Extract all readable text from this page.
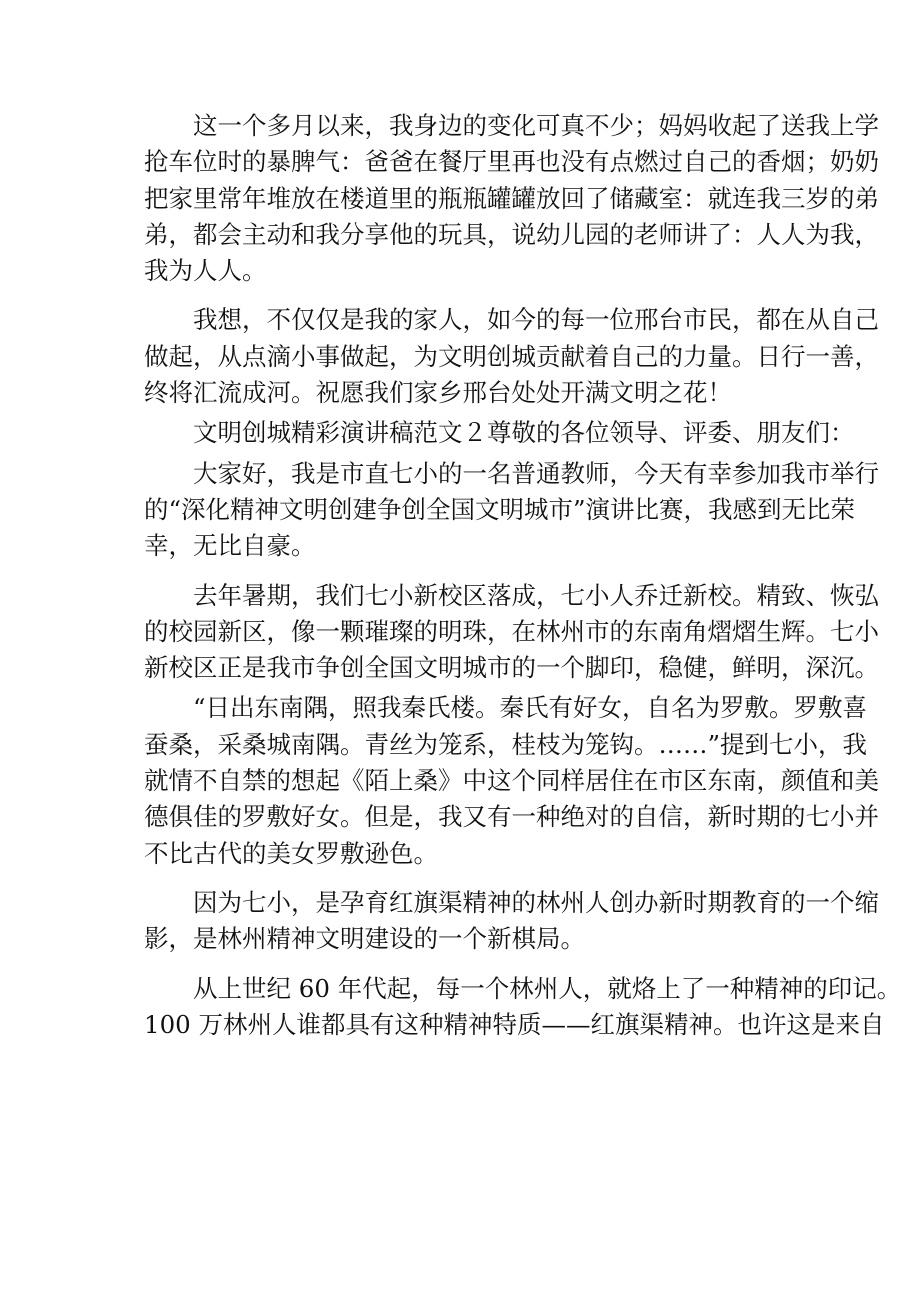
这一个多月以来，我身边的变化可真不少；妈妈收起了送我上学
抢车位时的暴脾气：爸爸在餐厅里再也没有点燃过自己的香烟；奶奶
把家里常年堆放在楼道里的瓶瓶罐罐放回了储藏室：就连我三岁的弟
弟，都会主动和我分享他的玩具，说幼儿园的老师讲了：人人为我，
我为人人。
我想，不仅仅是我的家人，如今的每一位邢台市民，都在从自己
做起，从点滴小事做起，为文明创城贡献着自己的力量。日行一善，
终将汇流成河。祝愿我们家乡邢台处处开满文明之花！
文明创城精彩演讲稿范文２尊敬的各位领导、评委、朋友们：
大家好，我是市直七小的一名普通教师，今天有幸参加我市举行
的“深化精神文明创建争创全国文明城市”演讲比赛，我感到无比荣
幸，无比自豪。
去年暑期，我们七小新校区落成，七小人乔迁新校。精致、恢弘
的校园新区，像一颗璀璨的明珠，在林州市的东南角熠熠生辉。七小
新校区正是我市争创全国文明城市的一个脚印，稳健，鲜明，深沉。
“日出东南隅，照我秦氏楼。秦氏有好女，自名为罗敷。罗敷喜
蚕桑，采桑城南隅。青丝为笼系，桂枝为笼钩。……”提到七小，我
就情不自禁的想起《陌上桑》中这个同样居住在市区东南，颜值和美
德俱佳的罗敷好女。但是，我又有一种绝对的自信，新时期的七小并
不比古代的美女罗敷逊色。
因为七小，是孕育红旗渠精神的林州人创办新时期教育的一个缩
影，是林州精神文明建设的一个新棋局。
从上世纪 60 年代起，每一个林州人，就烙上了一种精神的印记。
100 万林州人谁都具有这种精神特质——红旗渠精神。也许这是来自
